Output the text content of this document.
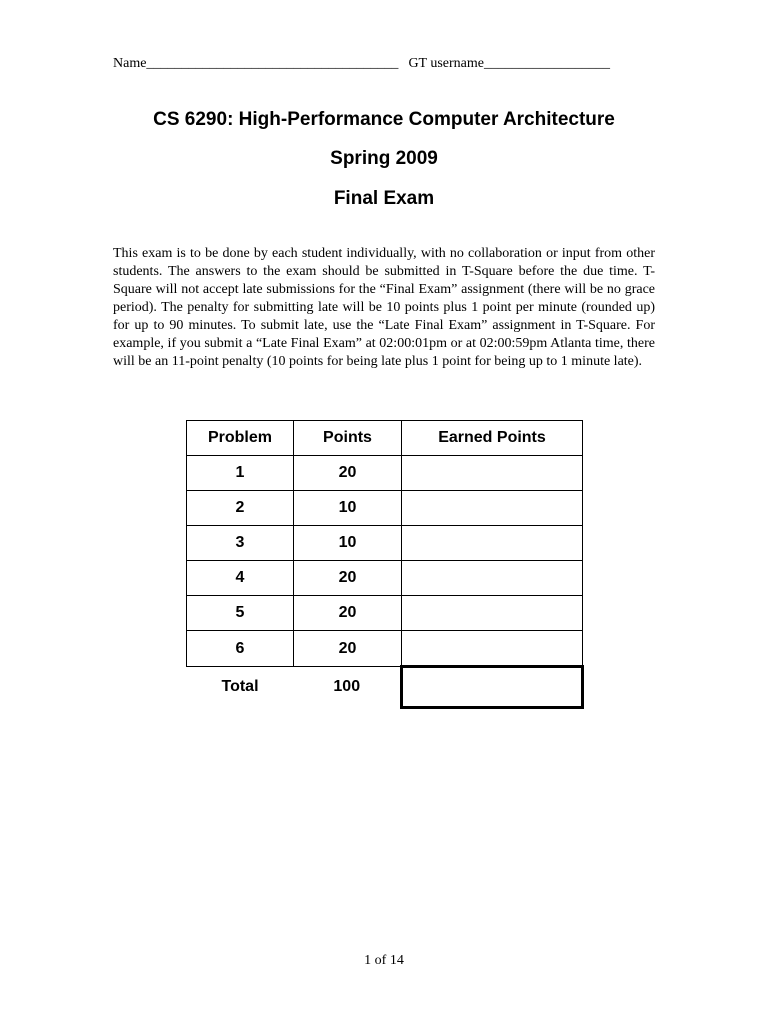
Name____________________________________ GT username__________________
CS 6290: High-Performance Computer Architecture
Spring 2009
Final Exam

This exam is to be done by each student individually, with no collaboration or input from other students. The answers to the exam should be submitted in T-Square before the due time. T-Square will not accept late submissions for the “Final Exam” assignment (there will be no grace period). The penalty for submitting late will be 10 points plus 1 point per minute (rounded up) for up to 90 minutes. To submit late, use the “Late Final Exam” assignment in T-Square. For example, if you submit a “Late Final Exam” at 02:00:01pm or at 02:00:59pm Atlanta time, there will be an 11-point penalty (10 points for being late plus 1 point for being up to 1 minute late).

Problem	Points	Earned Points
1	20	
2	10	
3	10	
4	20	
5	20	
6	20	
Total	100	
1 of 14
